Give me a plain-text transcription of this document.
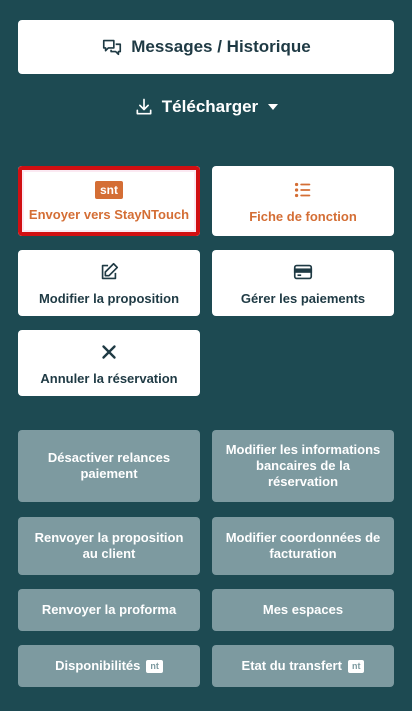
Messages / Historique
Télécharger
snt
Envoyer vers StayNTouch	Fiche de fonction
Modifier la proposition	Gérer les paiements
Annuler la réservation
Désactiver relances paiement
Modifier les informations bancaires de la réservation
Renvoyer la proposition au client
Modifier coordonnées de facturation
Renvoyer la proforma	Mes espaces
Disponibilités	nt	Etat du transfert	nt
